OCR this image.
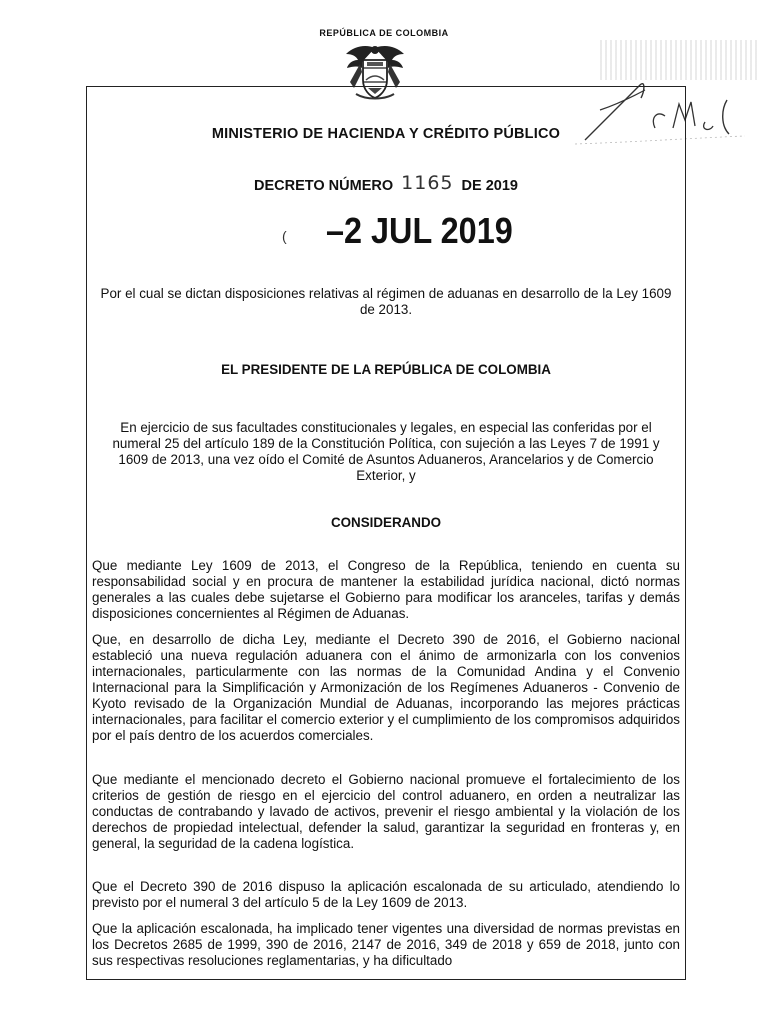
REPÚBLICA DE COLOMBIA
MINISTERIO DE HACIENDA Y CRÉDITO PÚBLICO
DECRETO NÚMERO 1165 DE 2019
( –2 JUL 2019
Por el cual se dictan disposiciones relativas al régimen de aduanas en desarrollo de la Ley 1609 de 2013.
EL PRESIDENTE DE LA REPÚBLICA DE COLOMBIA
En ejercicio de sus facultades constitucionales y legales, en especial las conferidas por el numeral 25 del artículo 189 de la Constitución Política, con sujeción a las Leyes 7 de 1991 y 1609 de 2013, una vez oído el Comité de Asuntos Aduaneros, Arancelarios y de Comercio Exterior, y
CONSIDERANDO

Que mediante Ley 1609 de 2013, el Congreso de la República, teniendo en cuenta su responsabilidad social y en procura de mantener la estabilidad jurídica nacional, dictó normas generales a las cuales debe sujetarse el Gobierno para modificar los aranceles, tarifas y demás disposiciones concernientes al Régimen de Aduanas.

Que, en desarrollo de dicha Ley, mediante el Decreto 390 de 2016, el Gobierno nacional estableció una nueva regulación aduanera con el ánimo de armonizarla con los convenios internacionales, particularmente con las normas de la Comunidad Andina y el Convenio Internacional para la Simplificación y Armonización de los Regímenes Aduaneros - Convenio de Kyoto revisado de la Organización Mundial de Aduanas, incorporando las mejores prácticas internacionales, para facilitar el comercio exterior y el cumplimiento de los compromisos adquiridos por el país dentro de los acuerdos comerciales.

Que mediante el mencionado decreto el Gobierno nacional promueve el fortalecimiento de los criterios de gestión de riesgo en el ejercicio del control aduanero, en orden a neutralizar las conductas de contrabando y lavado de activos, prevenir el riesgo ambiental y la violación de los derechos de propiedad intelectual, defender la salud, garantizar la seguridad en fronteras y, en general, la seguridad de la cadena logística.

Que el Decreto 390 de 2016 dispuso la aplicación escalonada de su articulado, atendiendo lo previsto por el numeral 3 del artículo 5 de la Ley 1609 de 2013.

Que la aplicación escalonada, ha implicado tener vigentes una diversidad de normas previstas en los Decretos 2685 de 1999, 390 de 2016, 2147 de 2016, 349 de 2018 y 659 de 2018, junto con sus respectivas resoluciones reglamentarias, y ha dificultado
